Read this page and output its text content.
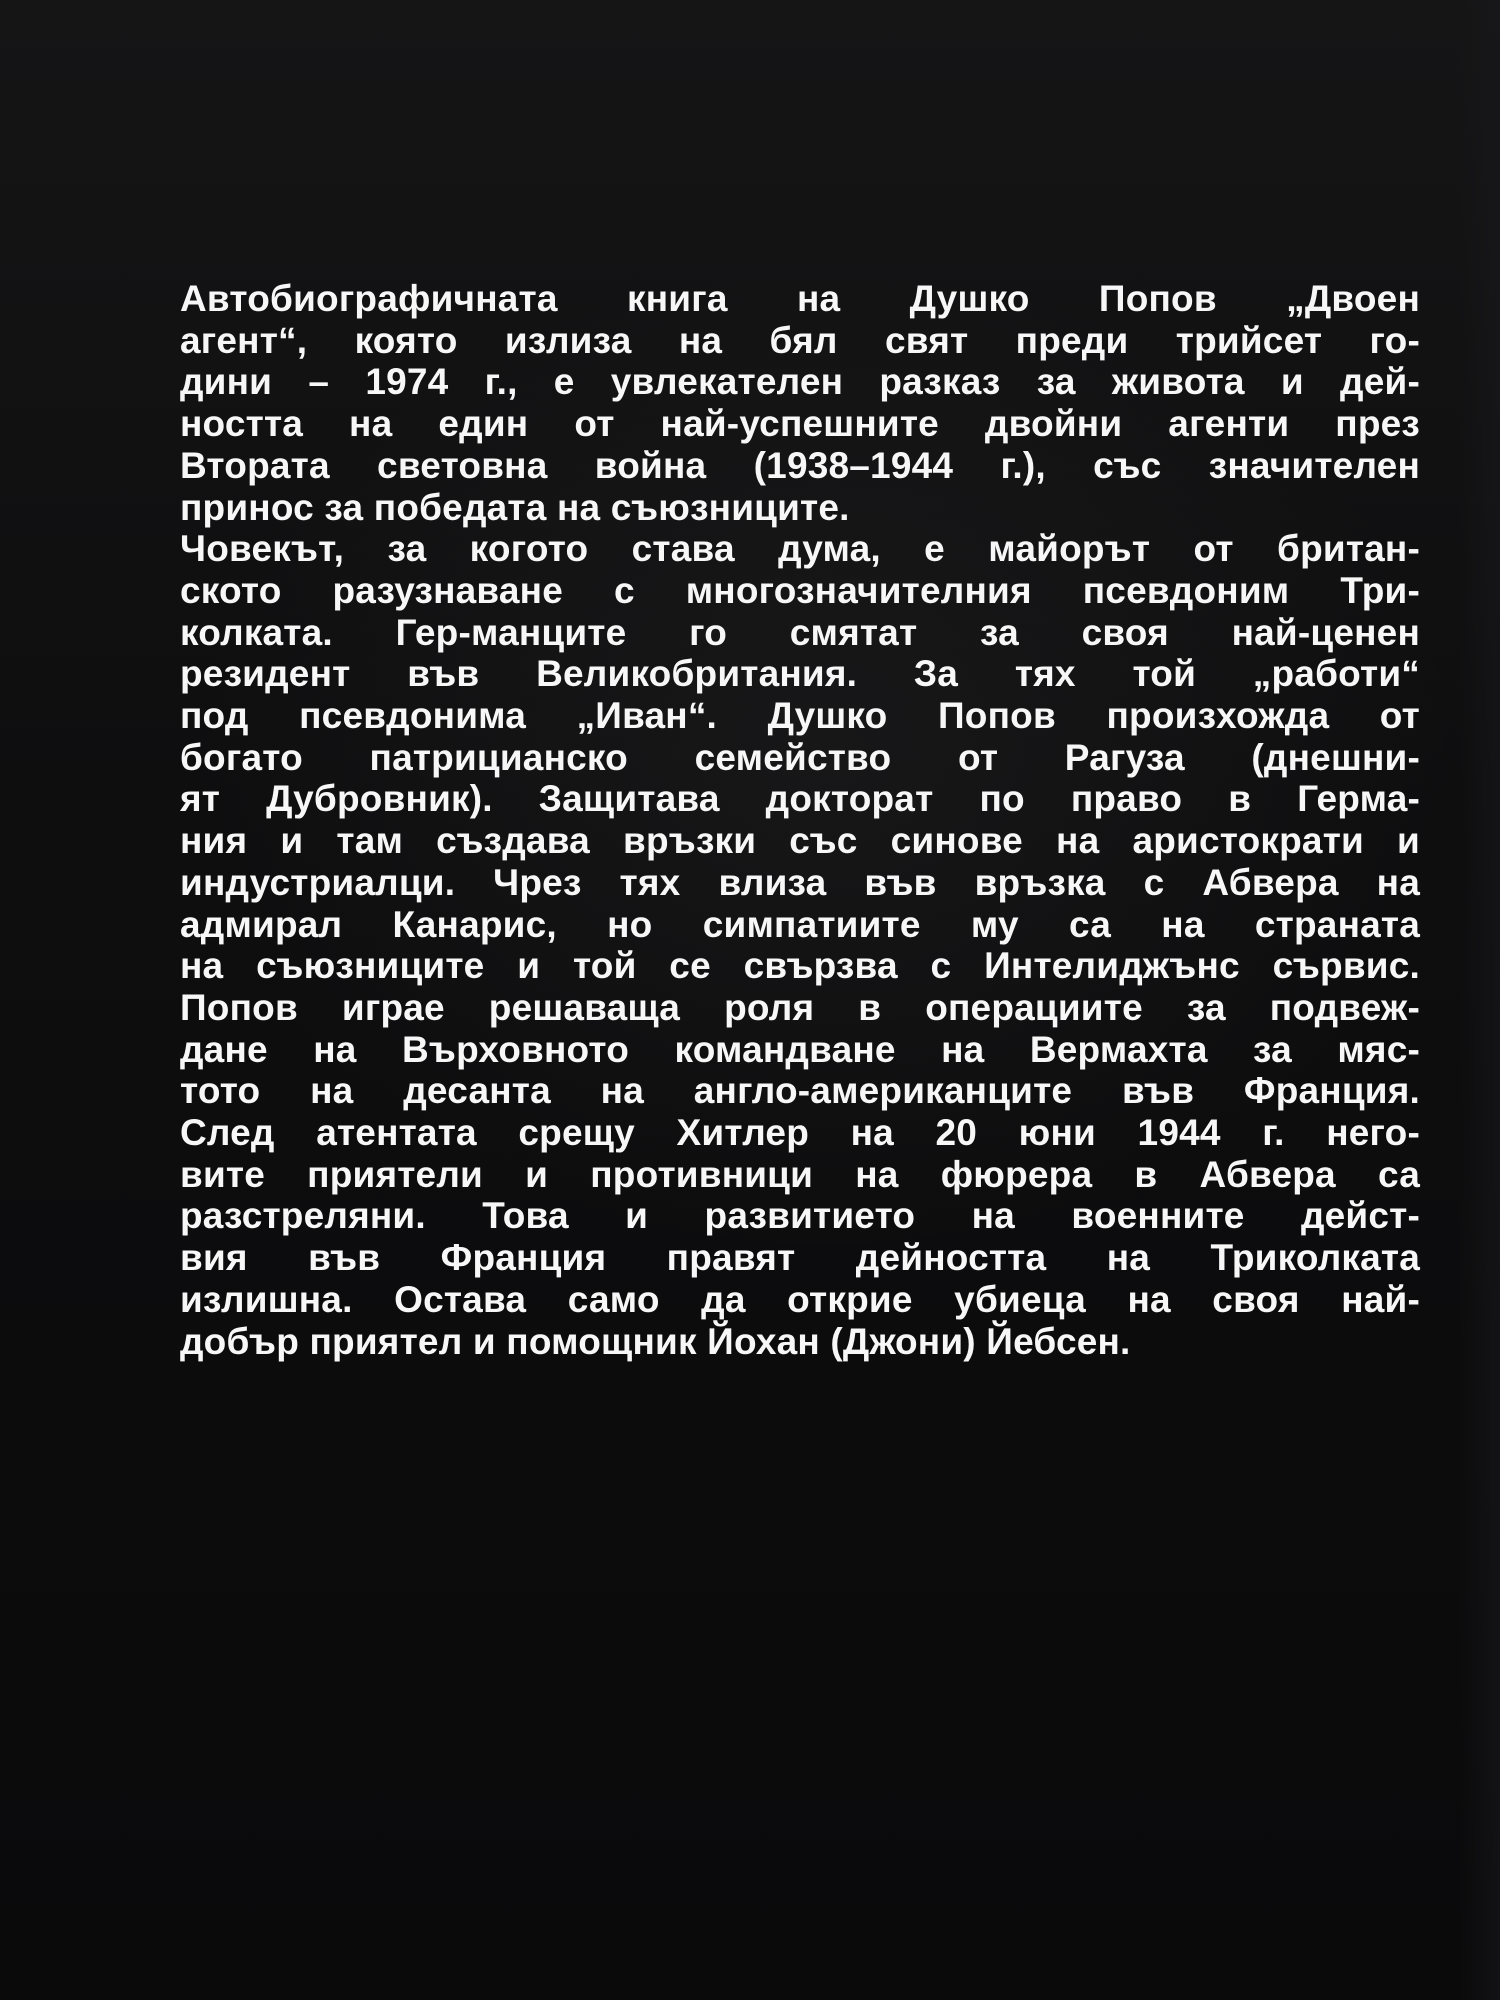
Автобиографичната книга на Душко Попов „Двоен
агент“, която излиза на бял свят преди трийсет го-
дини – 1974 г., е увлекателен разказ за живота и дей-
ността на един от най-успешните двойни агенти през
Втората световна война (1938–1944 г.), със значителен
принос за победата на съюзниците.
Човекът, за когото става дума, е майорът от британ-
ското разузнаване с многозначителния псевдоним Три-
колката. Гер-манците го смятат за своя най-ценен
резидент във Великобритания. За тях той „работи“
под псевдонима „Иван“. Душко Попов произхожда от
богато патрицианско семейство от Рагуза (днешни-
ят Дубровник). Защитава докторат по право в Герма-
ния и там създава връзки със синове на аристократи и
индустриалци. Чрез тях влиза във връзка с Абвера на
адмирал Канарис, но симпатиите му са на страната
на съюзниците и той се свързва с Интелиджънс сървис.
Попов играе решаваща роля в операциите за подвеж-
дане на Върховното командване на Вермахта за мяс-
тото на десанта на англо-американците във Франция.
След атентата срещу Хитлер на 20 юни 1944 г. него-
вите приятели и противници на фюрера в Абвера са
разстреляни. Това и развитието на военните дейст-
вия във Франция правят дейността на Триколката
излишна. Остава само да открие убиеца на своя най-
добър приятел и помощник Йохан (Джони) Йебсен.
